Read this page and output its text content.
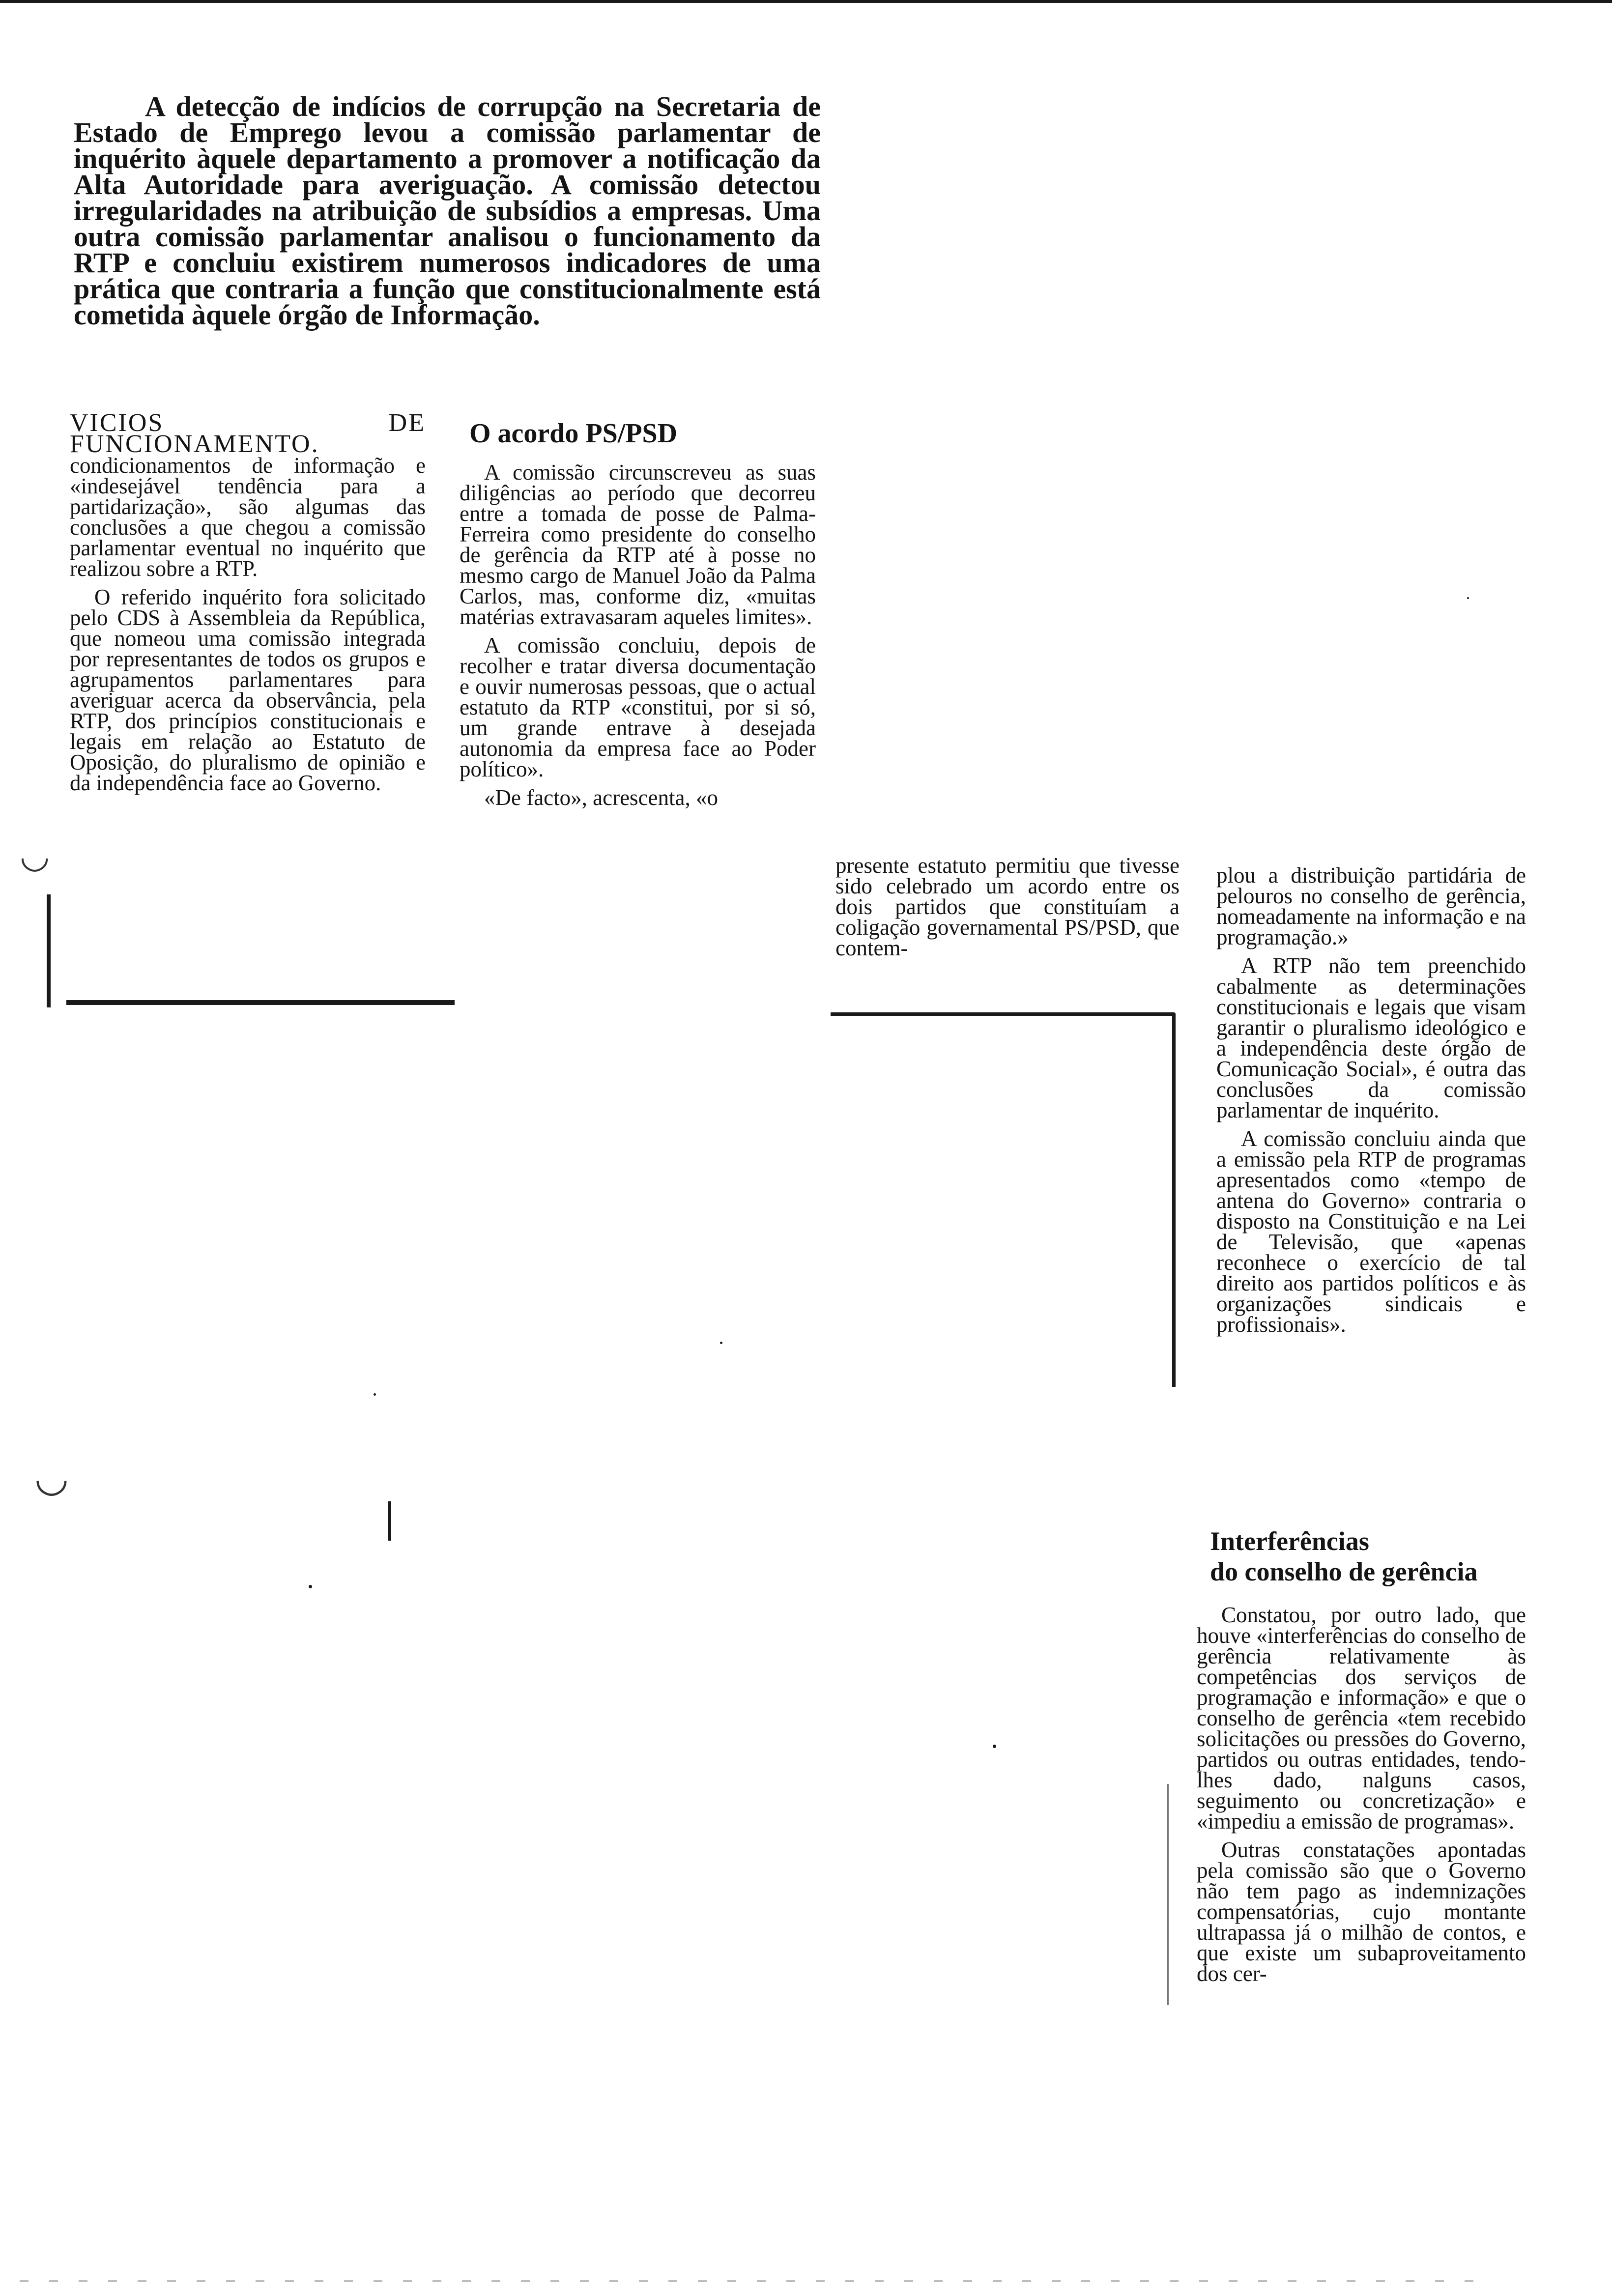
A detecção de indícios de corrupção na Secretaria de Estado de Emprego levou a comissão parlamentar de inquérito àquele departamento a promover a notificação da Alta Autoridade para averiguação. A comissão detectou irregularidades na atribuição de subsídios a empresas. Uma outra comissão parlamentar analisou o funcionamento da RTP e concluiu existirem numerosos indicadores de uma prática que contraria a função que constitucionalmente está cometida àquele órgão de Informação.

VICIOS DE FUNCIONAMENTO. condicionamentos de informação e «indesejável tendência para a partidarização», são algumas das conclusões a que chegou a comissão parlamentar eventual no inquérito que realizou sobre a RTP.

O referido inquérito fora solicitado pelo CDS à Assembleia da República, que nomeou uma comissão integrada por representantes de todos os grupos e agrupamentos parlamentares para averiguar acerca da observância, pela RTP, dos princípios constitucionais e legais em relação ao Estatuto de Oposição, do pluralismo de opinião e da independência face ao Governo.

O acordo PS/PSD

A comissão circunscreveu as suas diligências ao período que decorreu entre a tomada de posse de Palma-Ferreira como presidente do conselho de gerência da RTP até à posse no mesmo cargo de Manuel João da Palma Carlos, mas, conforme diz, «muitas matérias extravasaram aqueles limites».

A comissão concluiu, depois de recolher e tratar diversa documentação e ouvir numerosas pessoas, que o actual estatuto da RTP «constitui, por si só, um grande entrave à desejada autonomia da empresa face ao Poder político».

«De facto», acrescenta, «o

presente estatuto permitiu que tivesse sido celebrado um acordo entre os dois partidos que constituíam a coligação governamental PS/PSD, que contem-

plou a distribuição partidária de pelouros no conselho de gerência, nomeadamente na informação e na programação.»

A RTP não tem preenchido cabalmente as determinações constitucionais e legais que visam garantir o pluralismo ideológico e a independência deste órgão de Comunicação Social», é outra das conclusões da comissão parlamentar de inquérito.

A comissão concluiu ainda que a emissão pela RTP de programas apresentados como «tempo de antena do Governo» contraria o disposto na Constituição e na Lei de Televisão, que «apenas reconhece o exercício de tal direito aos partidos políticos e às organizações sindicais e profissionais».

Interferências
do conselho de gerência

Constatou, por outro lado, que houve «interferências do conselho de gerência relativamente às competências dos serviços de programação e informação» e que o conselho de gerência «tem recebido solicitações ou pressões do Governo, partidos ou outras entidades, tendo-lhes dado, nalguns casos, seguimento ou concretização» e «impediu a emissão de programas».

Outras constatações apontadas pela comissão são que o Governo não tem pago as indemnizações compensatórias, cujo montante ultrapassa já o milhão de contos, e que existe um subaproveitamento dos cer-

◡
◡
